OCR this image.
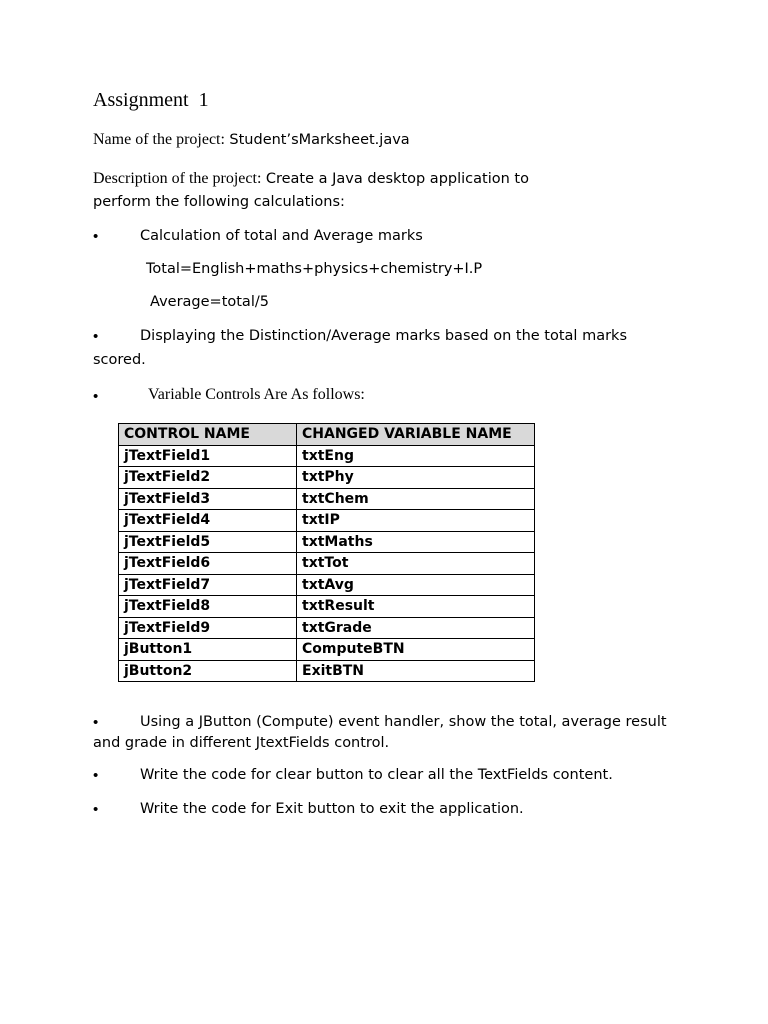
Assignment 1
Name of the project: Student’sMarksheet.java
Description of the project: Create a Java desktop application to
perform the following calculations:
•	Calculation of total and Average marks
Total=English+maths+physics+chemistry+I.P
Average=total/5
•	Displaying the Distinction/Average marks based on the total marks
scored.
•	Variable Controls Are As follows:
CONTROL NAME	CHANGED VARIABLE NAME
jTextField1	txtEng
jTextField2	txtPhy
jTextField3	txtChem
jTextField4	txtIP
jTextField5	txtMaths
jTextField6	txtTot
jTextField7	txtAvg
jTextField8	txtResult
jTextField9	txtGrade
jButton1	ComputeBTN
jButton2	ExitBTN
•	Using a JButton (Compute) event handler, show the total, average result
and grade in different JtextFields control.
•	Write the code for clear button to clear all the TextFields content.
•	Write the code for Exit button to exit the application.
